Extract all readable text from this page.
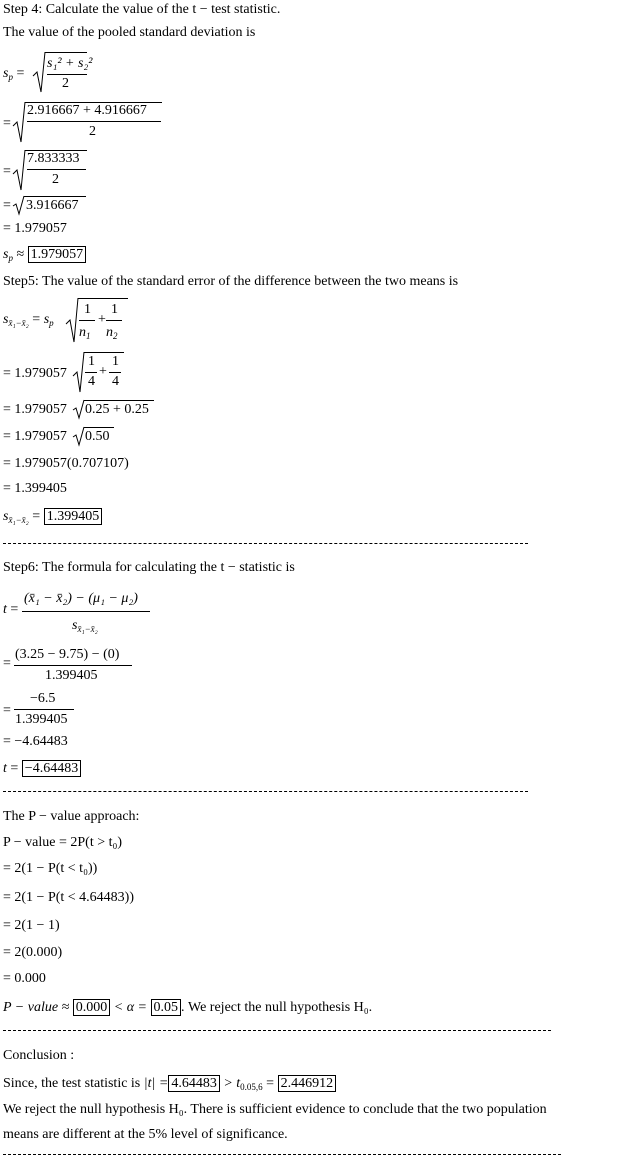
Step 4: Calculate the value of the t − test statistic.
The value of the pooled standard deviation is
$s_p$ =
s₁² + s₂²
2
=
2.916667 + 4.916667
2
=
7.833333
2
= 3.916667
= 1.979057
$s_p \approx 1.979057$
Step5: The value of the standard error of the difference between the two means is
$s_{x̄_1-x̄_2} = s_p$
1
$n_1$
+
1
$n_2$
= 1.979057
1
4
+
1
4
= 1.979057 0.25 + 0.25
= 1.979057 0.50
= 1.979057(0.707107)
= 1.399405
$s_{x̄_1-x̄_2} = 1.399405$
Step6: The formula for calculating the t − statistic is
t =
(x̄₁ − x̄₂) − (μ₁ − μ₂)
$s_{x̄_1-x̄_2}$
=
(3.25 − 9.75) − (0)
1.399405
=
−6.5
1.399405
= −4.64483
t = −4.64483
The P − value approach:
P − value = 2P(t > t₀)
= 2(1 − P(t < t₀))
= 2(1 − P(t < 4.64483))
= 2(1 − 1)
= 2(0.000)
= 0.000
P − value ≈ 0.000 < α = 0.05 . We reject the null hypothesis H₀.
Conclusion :
Since, the test statistic is $|t| = 4.64483 > t_{0.05,6} = 2.446912$
We reject the null hypothesis H₀. There is sufficient evidence to conclude that the two population
means are different at the 5% level of significance.
